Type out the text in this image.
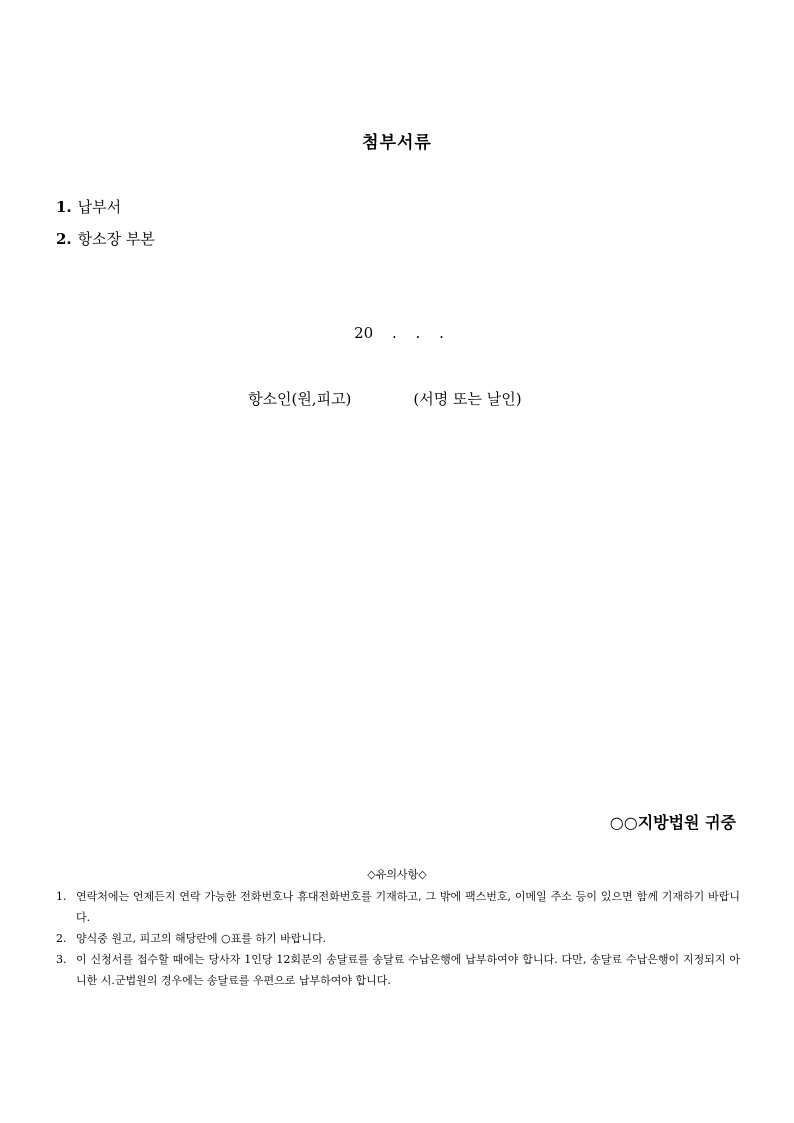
첨부서류
1. 납부서
2. 항소장 부본
20 . . .
항소인(원,피고)	(서명 또는 날인)
○○지방법원 귀중
◇유의사항◇
1. 연락처에는 언제든지 연락 가능한 전화번호나 휴대전화번호를 기재하고, 그 밖에 팩스번호, 이메일 주소 등이 있으면 함께 기재하기 바랍니다.
2. 양식중 원고, 피고의 해당란에 ○표를 하기 바랍니다.
3. 이 신청서를 접수할 때에는 당사자 1인당 12회분의 송달료를 송달료 수납은행에 납부하여야 합니다. 다만, 송달료 수납은행이 지정되지 아니한 시.군법원의 경우에는 송달료를 우편으로 납부하여야 합니다.
